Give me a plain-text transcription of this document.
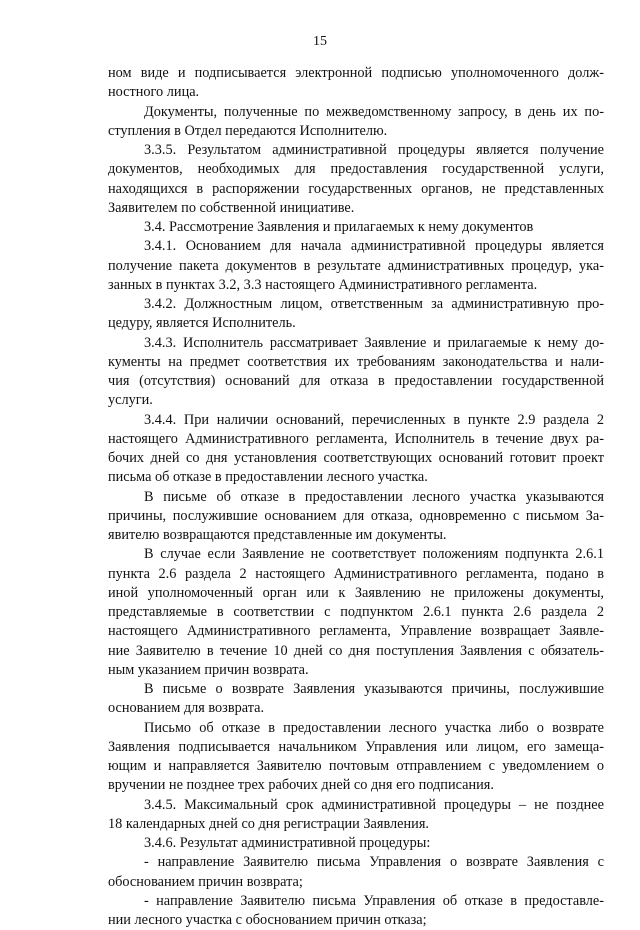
15
ном виде и подписывается электронной подписью уполномоченного долж-
ностного лица.
Документы, полученные по межведомственному запросу, в день их по-
ступления в Отдел передаются Исполнителю.
3.3.5. Результатом административной процедуры является получение
документов, необходимых для предоставления государственной услуги,
находящихся в распоряжении государственных органов, не представленных
Заявителем по собственной инициативе.
3.4. Рассмотрение Заявления и прилагаемых к нему документов
3.4.1. Основанием для начала административной процедуры является
получение пакета документов в результате административных процедур, ука-
занных в пунктах 3.2, 3.3 настоящего Административного регламента.
3.4.2. Должностным лицом, ответственным за административную про-
цедуру, является Исполнитель.
3.4.3. Исполнитель рассматривает Заявление и прилагаемые к нему до-
кументы на предмет соответствия их требованиям законодательства и нали-
чия (отсутствия) оснований для отказа в предоставлении государственной
услуги.
3.4.4. При наличии оснований, перечисленных в пункте 2.9 раздела 2
настоящего Административного регламента, Исполнитель в течение двух ра-
бочих дней со дня установления соответствующих оснований готовит проект
письма об отказе в предоставлении лесного участка.
В письме об отказе в предоставлении лесного участка указываются
причины, послужившие основанием для отказа, одновременно с письмом За-
явителю возвращаются представленные им документы.
В случае если Заявление не соответствует положениям подпункта 2.6.1
пункта 2.6 раздела 2 настоящего Административного регламента, подано в
иной уполномоченный орган или к Заявлению не приложены документы,
представляемые в соответствии с подпунктом 2.6.1 пункта 2.6 раздела 2
настоящего Административного регламента, Управление возвращает Заявле-
ние Заявителю в течение 10 дней со дня поступления Заявления с обязатель-
ным указанием причин возврата.
В письме о возврате Заявления указываются причины, послужившие
основанием для возврата.
Письмо об отказе в предоставлении лесного участка либо о возврате
Заявления подписывается начальником Управления или лицом, его замеща-
ющим и направляется Заявителю почтовым отправлением с уведомлением о
вручении не позднее трех рабочих дней со дня его подписания.
3.4.5. Максимальный срок административной процедуры – не позднее
18 календарных дней со дня регистрации Заявления.
3.4.6. Результат административной процедуры:
- направление Заявителю письма Управления о возврате Заявления с
обоснованием причин возврата;
- направление Заявителю письма Управления об отказе в предоставле-
нии лесного участка с обоснованием причин отказа;
